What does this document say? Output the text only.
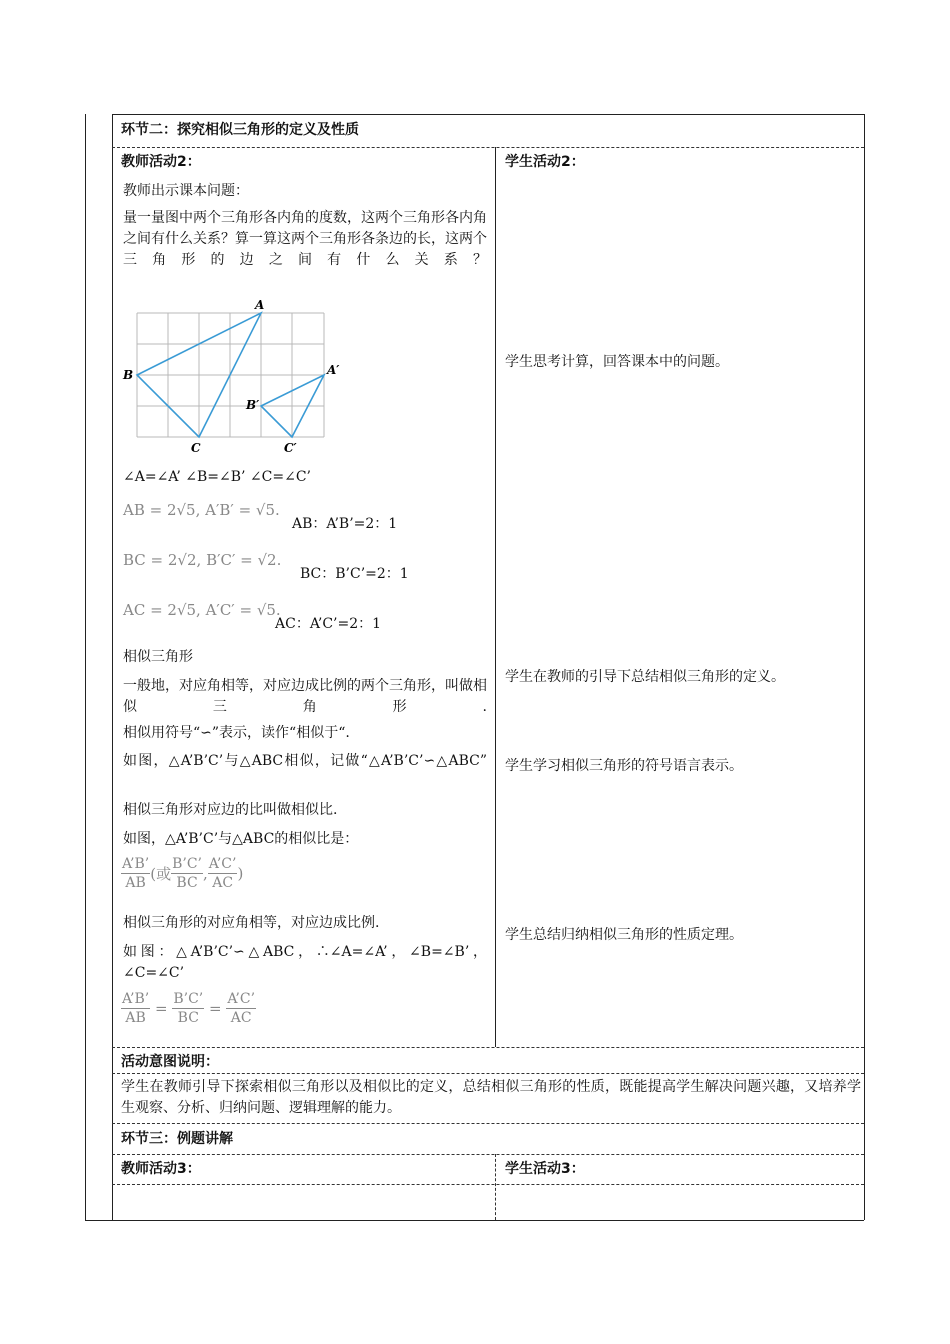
环节二：探究相似三角形的定义及性质
教师活动2：	学生活动2：
教师出示课本问题：
量一量图中两个三角形各内角的度数，这两个三角形各内角之间有什么关系？算一算这两个三角形各条边的长，这两个三角形的边之间有什么关系？
A
B
C
A′
B′
C′
∠A=∠A’ ∠B=∠B’ ∠C=∠C’
AB = 2√5, A′B′ = √5.
AB：A’B’=2：1
BC = 2√2, B′C′ = √2.
BC：B’C’=2：1
AC = 2√5, A′C′ = √5.
AC：A’C’=2：1
相似三角形
一般地，对应角相等，对应边成比例的两个三角形，叫做相似三角形.
相似用符号“∽”表示，读作“相似于“.
如图，△A’B’C’与△ABC相似，记做“△A’B’C’∽△ABC”
相似三角形对应边的比叫做相似比.
如图，△A’B’C’与△ABC的相似比是：
$\frac{A’B’}{AB}$ (或 $\frac{B’C’}{BC}$ , $\frac{A’C’}{AC}$ )
相似三角形的对应角相等，对应边成比例.
如图：△A’B’C’∽△ABC，∴∠A=∠A’，∠B=∠B’，∠C=∠C’
$\frac{A’B’}{AB} = \frac{B’C’}{BC} = \frac{A’C’}{AC}$
学生思考计算，回答课本中的问题。
学生在教师的引导下总结相似三角形的定义。
学生学习相似三角形的符号语言表示。
学生总结归纳相似三角形的性质定理。
活动意图说明：
学生在教师引导下探索相似三角形以及相似比的定义，总结相似三角形的性质，既能提高学生解决问题兴趣，又培养学生观察、分析、归纳问题、逻辑理解的能力。
环节三：例题讲解
教师活动3：	学生活动3：
